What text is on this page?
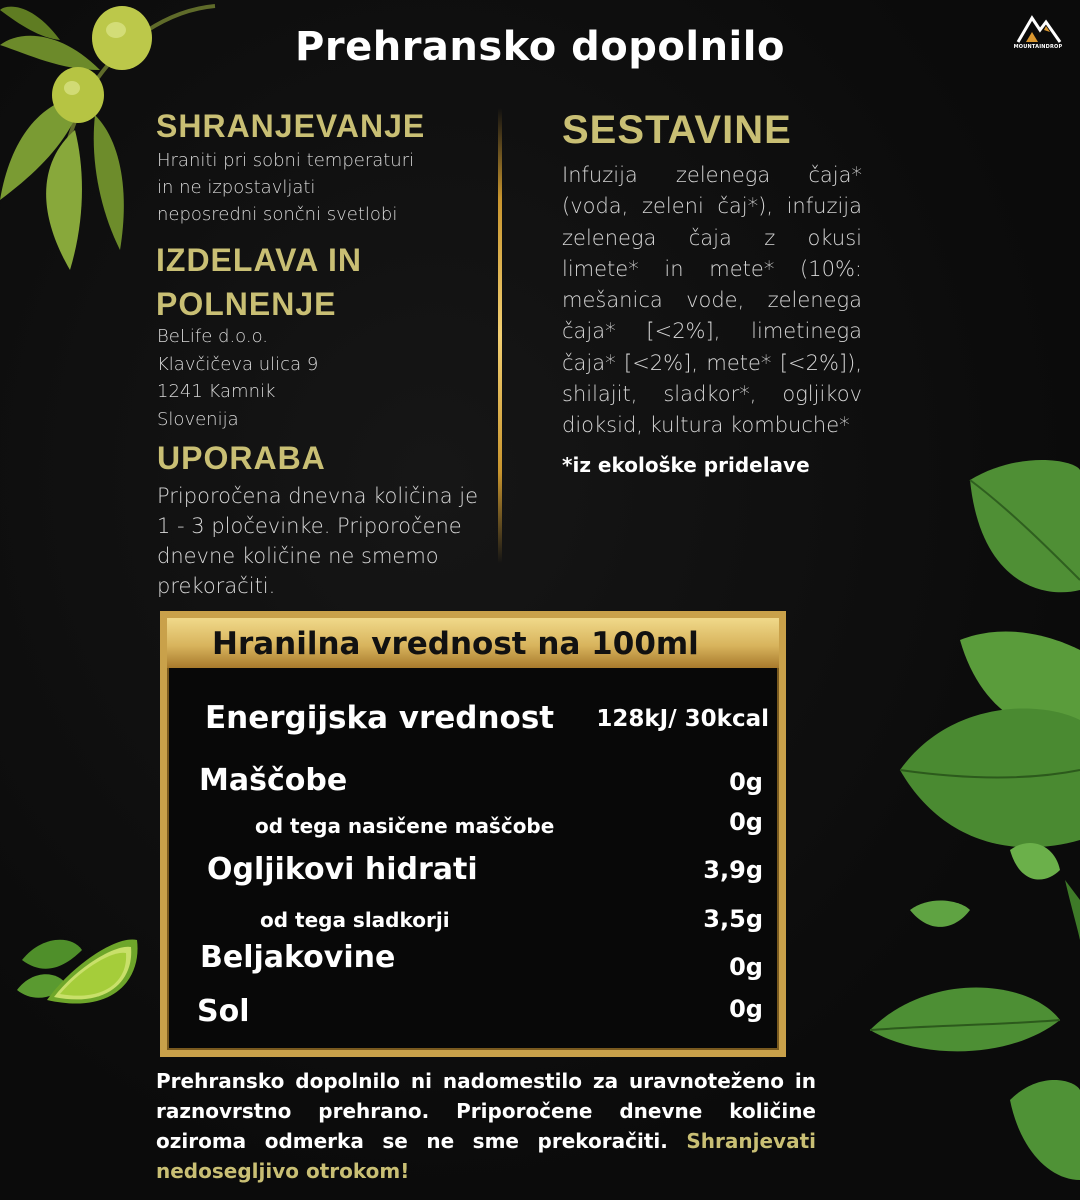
Prehransko dopolnilo	MOUNTAINDROP
SHRANJEVANJE
Hraniti pri sobni temperaturi
in ne izpostavljati
neposredni sončni svetlobi
IZDELAVA IN
POLNENJE
BeLife d.o.o.
Klavčičeva ulica 9
1241 Kamnik
Slovenija
UPORABA
Priporočena dnevna količina je
1 - 3 pločevinke. Priporočene
dnevne količine ne smemo
prekoračiti.
SESTAVINE
Infuzija zelenega čaja* (voda, zeleni čaj*), infuzija zelenega čaja z okusi limete* in mete* (10%: mešanica vode, zelenega čaja* [<2%], limetinega čaja* [<2%], mete* [<2%]), shilajit, sladkor*, ogljikov dioksid, kultura kombuche*
*iz ekološke pridelave
Hranilna vrednost na 100ml
Energijska vrednost 128kJ/ 30kcal
Maščobe	0g
od tega nasičene maščobe	0g
Ogljikovi hidrati	3,9g
od tega sladkorji	3,5g
Beljakovine	0g
Sol	0g
Prehransko dopolnilo ni nadomestilo za uravnoteženo in raznovrstno prehrano. Priporočene dnevne količine oziroma odmerka se ne sme prekoračiti. Shranjevati nedosegljivo otrokom!
